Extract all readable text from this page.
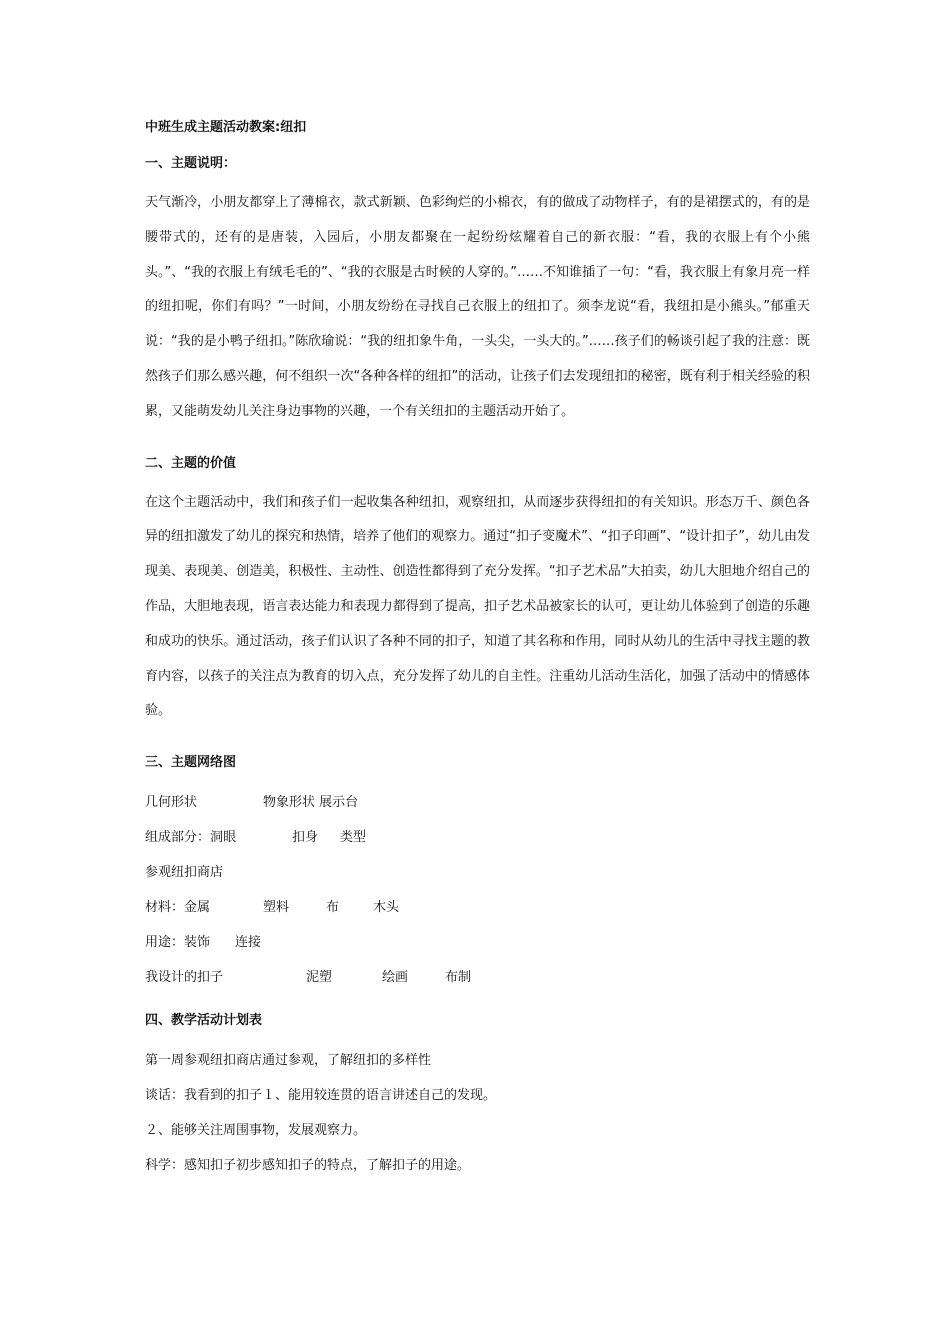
中班生成主题活动教案:纽扣
一、主题说明：

天气渐冷，小朋友都穿上了薄棉衣，款式新颖、色彩绚烂的小棉衣，有的做成了动物样子，有的是裙摆式的，有的是腰带式的，还有的是唐装，入园后，小朋友都聚在一起纷纷炫耀着自己的新衣服：“看，我的衣服上有个小熊头。”、“我的衣服上有绒毛毛的”、“我的衣服是古时候的人穿的。”……不知谁插了一句：“看，我衣服上有象月亮一样的纽扣呢，你们有吗？”一时间，小朋友纷纷在寻找自己衣服上的纽扣了。须李龙说“看，我纽扣是小熊头。”郁重天说：“我的是小鸭子纽扣。”陈欣瑜说：“我的纽扣象牛角，一头尖，一头大的。”……孩子们的畅谈引起了我的注意：既然孩子们那么感兴趣，何不组织一次“各种各样的纽扣”的活动，让孩子们去发现纽扣的秘密，既有利于相关经验的积累，又能萌发幼儿关注身边事物的兴趣，一个有关纽扣的主题活动开始了。

二、主题的价值

在这个主题活动中，我们和孩子们一起收集各种纽扣，观察纽扣，从而逐步获得纽扣的有关知识。形态万千、颜色各异的纽扣激发了幼儿的探究和热情，培养了他们的观察力。通过“扣子变魔术”、“扣子印画”、“设计扣子”，幼儿由发现美、表现美、创造美，积极性、主动性、创造性都得到了充分发挥。“扣子艺术品”大拍卖，幼儿大胆地介绍自己的作品，大胆地表现，语言表达能力和表现力都得到了提高，扣子艺术品被家长的认可，更让幼儿体验到了创造的乐趣和成功的快乐。通过活动，孩子们认识了各种不同的扣子，知道了其名称和作用，同时从幼儿的生活中寻找主题的教育内容，以孩子的关注点为教育的切入点，充分发挥了幼儿的自主性。注重幼儿活动生活化，加强了活动中的情感体验。

三、主题网络图
几何形状	物象形状 展示台
组成部分：洞眼	扣身 类型
参观纽扣商店
材料：金属	塑料	布	木头
用途：装饰 连接
我设计的扣子	泥塑	绘画	布制
四、教学活动计划表
第一周参观纽扣商店通过参观，了解纽扣的多样性
谈话：我看到的扣子１、能用较连贯的语言讲述自己的发现。
２、能够关注周围事物，发展观察力。
科学：感知扣子初步感知扣子的特点，了解扣子的用途。
